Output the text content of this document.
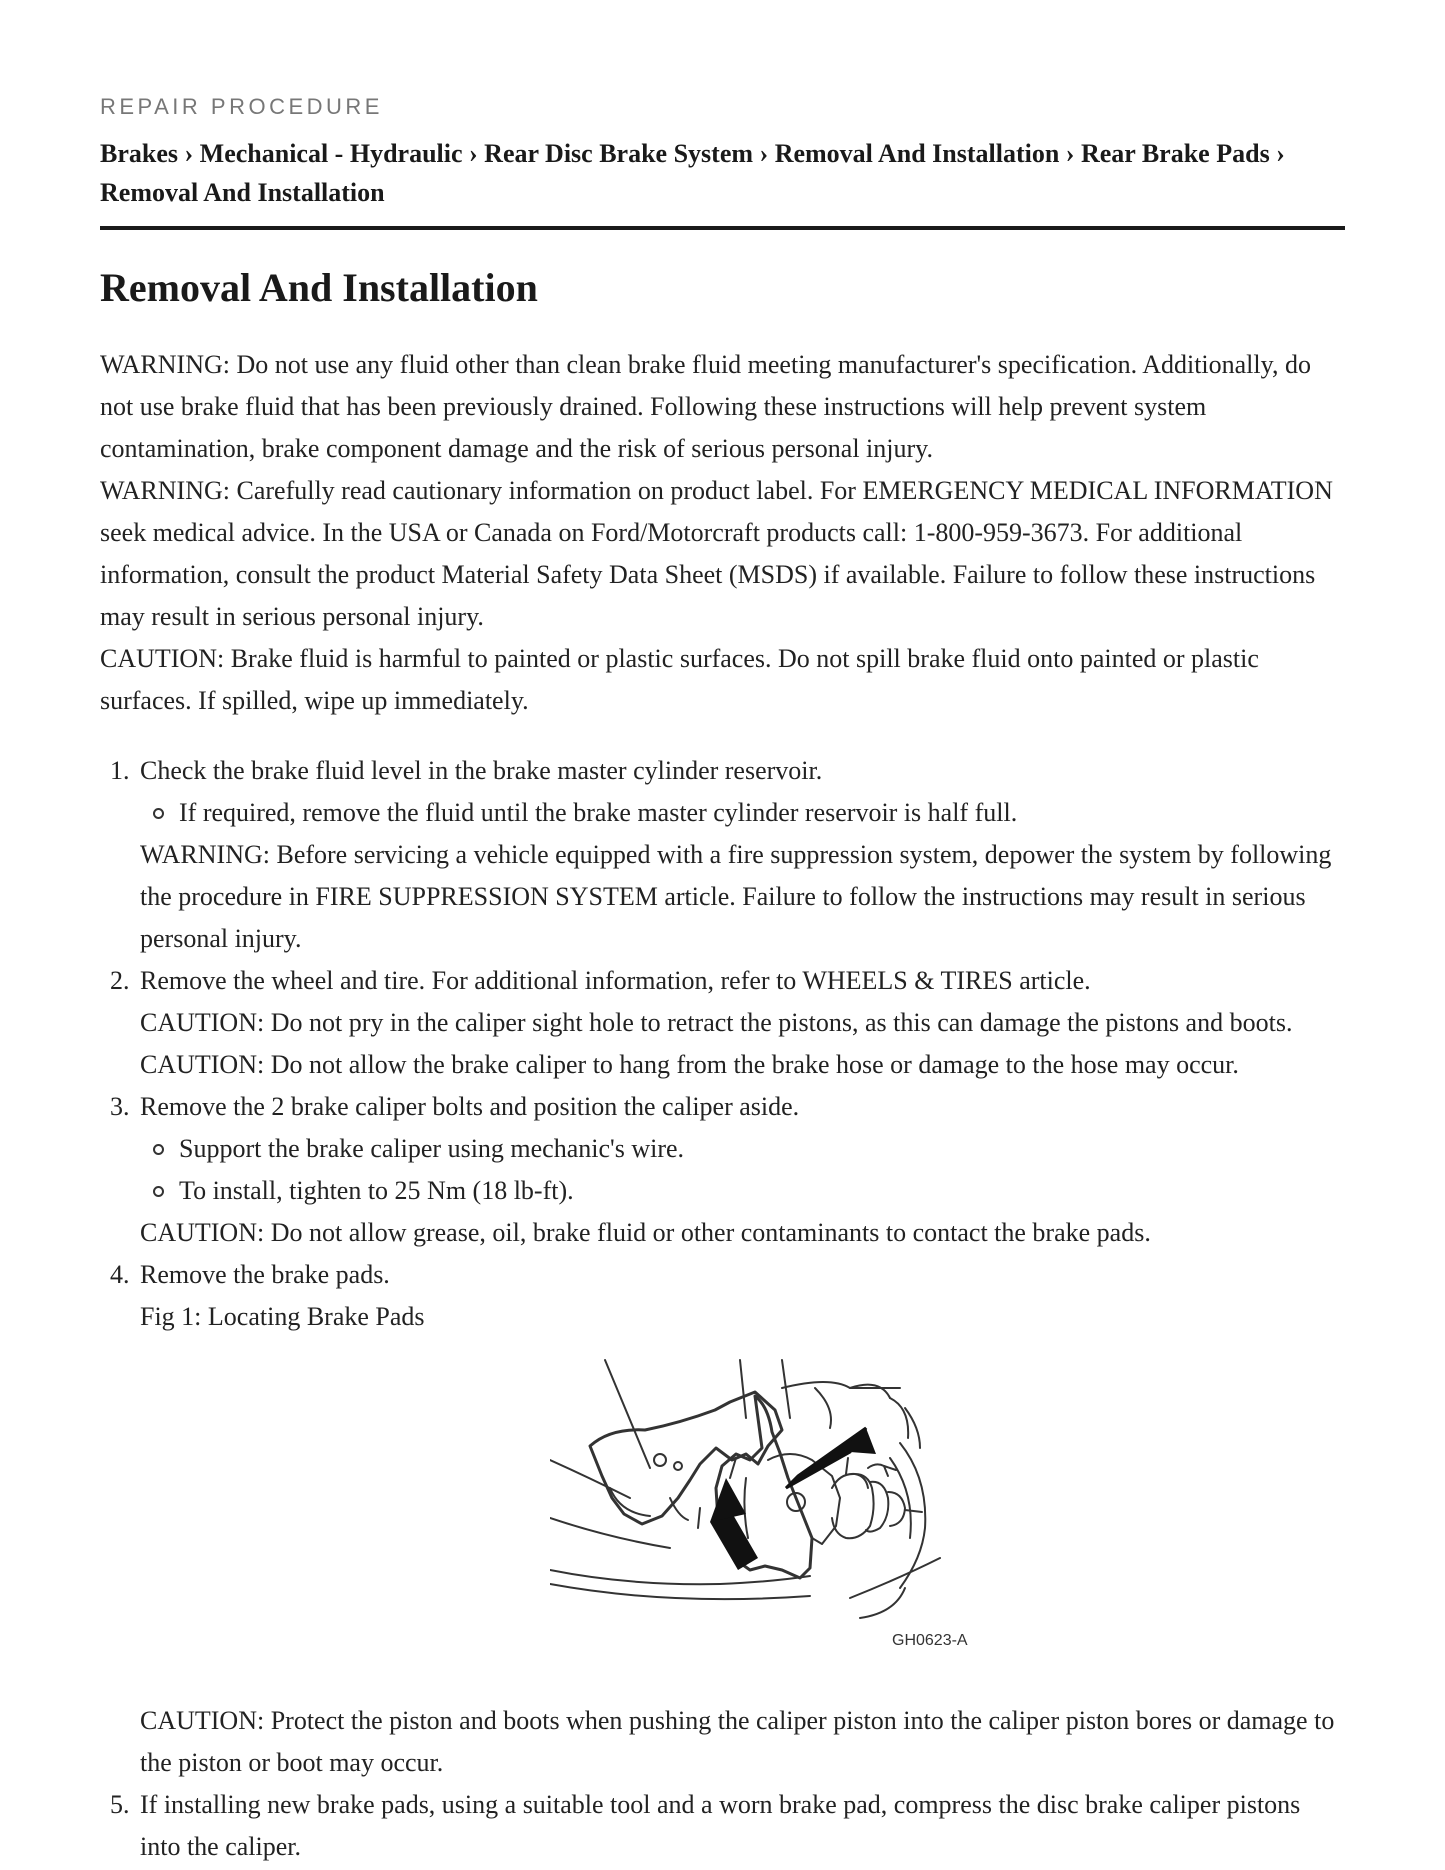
REPAIR PROCEDURE
Brakes › Mechanical - Hydraulic › Rear Disc Brake System › Removal And Installation › Rear Brake Pads ›
Removal And Installation
Removal And Installation

WARNING: Do not use any fluid other than clean brake fluid meeting manufacturer's specification. Additionally, do not use brake fluid that has been previously drained. Following these instructions will help prevent system contamination, brake component damage and the risk of serious personal injury.

WARNING: Carefully read cautionary information on product label. For EMERGENCY MEDICAL INFORMATION seek medical advice. In the USA or Canada on Ford/Motorcraft products call: 1-800-959-3673. For additional information, consult the product Material Safety Data Sheet (MSDS) if available. Failure to follow these instructions may result in serious personal injury.

CAUTION: Brake fluid is harmful to painted or plastic surfaces. Do not spill brake fluid onto painted or plastic surfaces. If spilled, wipe up immediately.

1. Check the brake fluid level in the brake master cylinder reservoir.
If required, remove the fluid until the brake master cylinder reservoir is half full.
WARNING: Before servicing a vehicle equipped with a fire suppression system, depower the system by following the procedure in FIRE SUPPRESSION SYSTEM article. Failure to follow the instructions may result in serious personal injury.
2. Remove the wheel and tire. For additional information, refer to WHEELS & TIRES article.
CAUTION: Do not pry in the caliper sight hole to retract the pistons, as this can damage the pistons and boots.
CAUTION: Do not allow the brake caliper to hang from the brake hose or damage to the hose may occur.
3. Remove the 2 brake caliper bolts and position the caliper aside.
Support the brake caliper using mechanic's wire.
To install, tighten to 25 Nm (18 lb-ft).
CAUTION: Do not allow grease, oil, brake fluid or other contaminants to contact the brake pads.
4. Remove the brake pads.
Fig 1: Locating Brake Pads
GH0623-A
CAUTION: Protect the piston and boots when pushing the caliper piston into the caliper piston bores or damage to the piston or boot may occur.
5. If installing new brake pads, using a suitable tool and a worn brake pad, compress the disc brake caliper pistons into the caliper.
